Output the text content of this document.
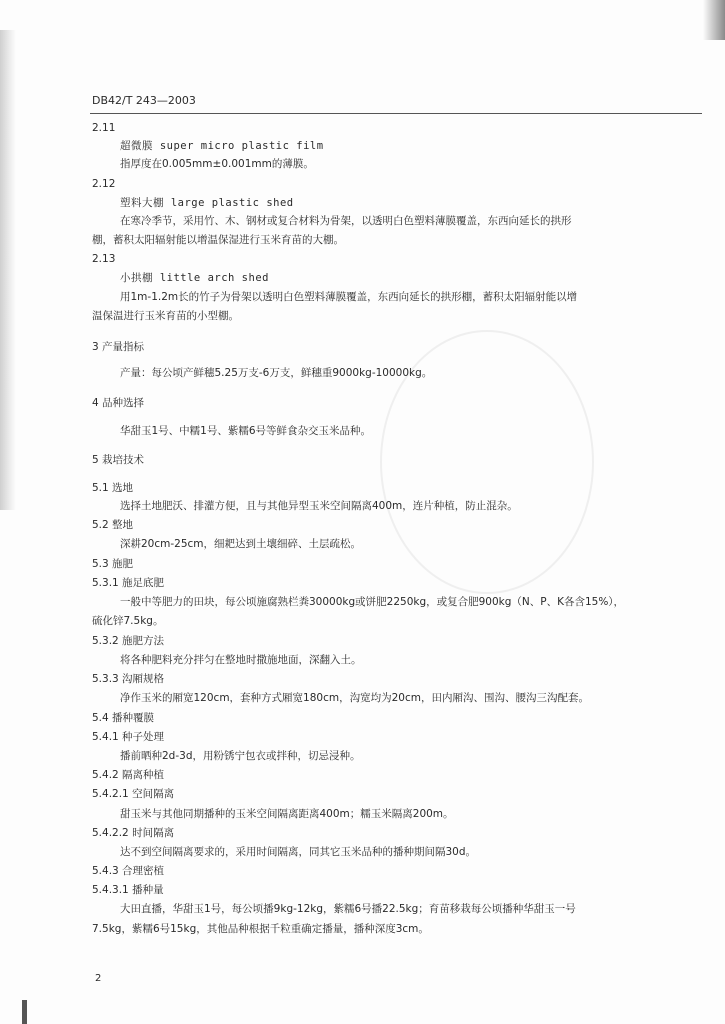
DB42/T 243—2003
2.11
超微膜 super micro plastic film
指厚度在0.005mm±0.001mm的薄膜。
2.12
塑料大棚 large plastic shed
在寒冷季节，采用竹、木、钢材或复合材料为骨架，以透明白色塑料薄膜覆盖，东西向延长的拱形
棚，蓄积太阳辐射能以增温保湿进行玉米育苗的大棚。
2.13
小拱棚 little arch shed
用1m-1.2m长的竹子为骨架以透明白色塑料薄膜覆盖，东西向延长的拱形棚，蓄积太阳辐射能以增
温保温进行玉米育苗的小型棚。
3 产量指标
产量：每公顷产鲜穗5.25万支-6万支，鲜穗重9000kg-10000kg。
4 品种选择
华甜玉1号、中糯1号、紫糯6号等鲜食杂交玉米品种。
5 栽培技术
5.1 选地
选择土地肥沃、排灌方便，且与其他异型玉米空间隔离400m，连片种植，防止混杂。
5.2 整地
深耕20cm-25cm，细耙达到土壤细碎、土层疏松。
5.3 施肥
5.3.1 施足底肥
一般中等肥力的田块，每公顷施腐熟栏粪30000kg或饼肥2250kg，或复合肥900kg（N、P、K各含15%），
硫化锌7.5kg。
5.3.2 施肥方法
将各种肥料充分拌匀在整地时撒施地面，深翻入土。
5.3.3 沟厢规格
净作玉米的厢宽120cm，套种方式厢宽180cm，沟宽均为20cm，田内厢沟、围沟、腰沟三沟配套。
5.4 播种覆膜
5.4.1 种子处理
播前晒种2d-3d，用粉锈宁包衣或拌种，切忌浸种。
5.4.2 隔离种植
5.4.2.1 空间隔离
甜玉米与其他同期播种的玉米空间隔离距离400m；糯玉米隔离200m。
5.4.2.2 时间隔离
达不到空间隔离要求的，采用时间隔离，同其它玉米品种的播种期间隔30d。
5.4.3 合理密植
5.4.3.1 播种量
大田直播，华甜玉1号，每公顷播9kg-12kg，紫糯6号播22.5kg；育苗移栽每公顷播种华甜玉一号
7.5kg，紫糯6号15kg，其他品种根据千粒重确定播量，播种深度3cm。
2
